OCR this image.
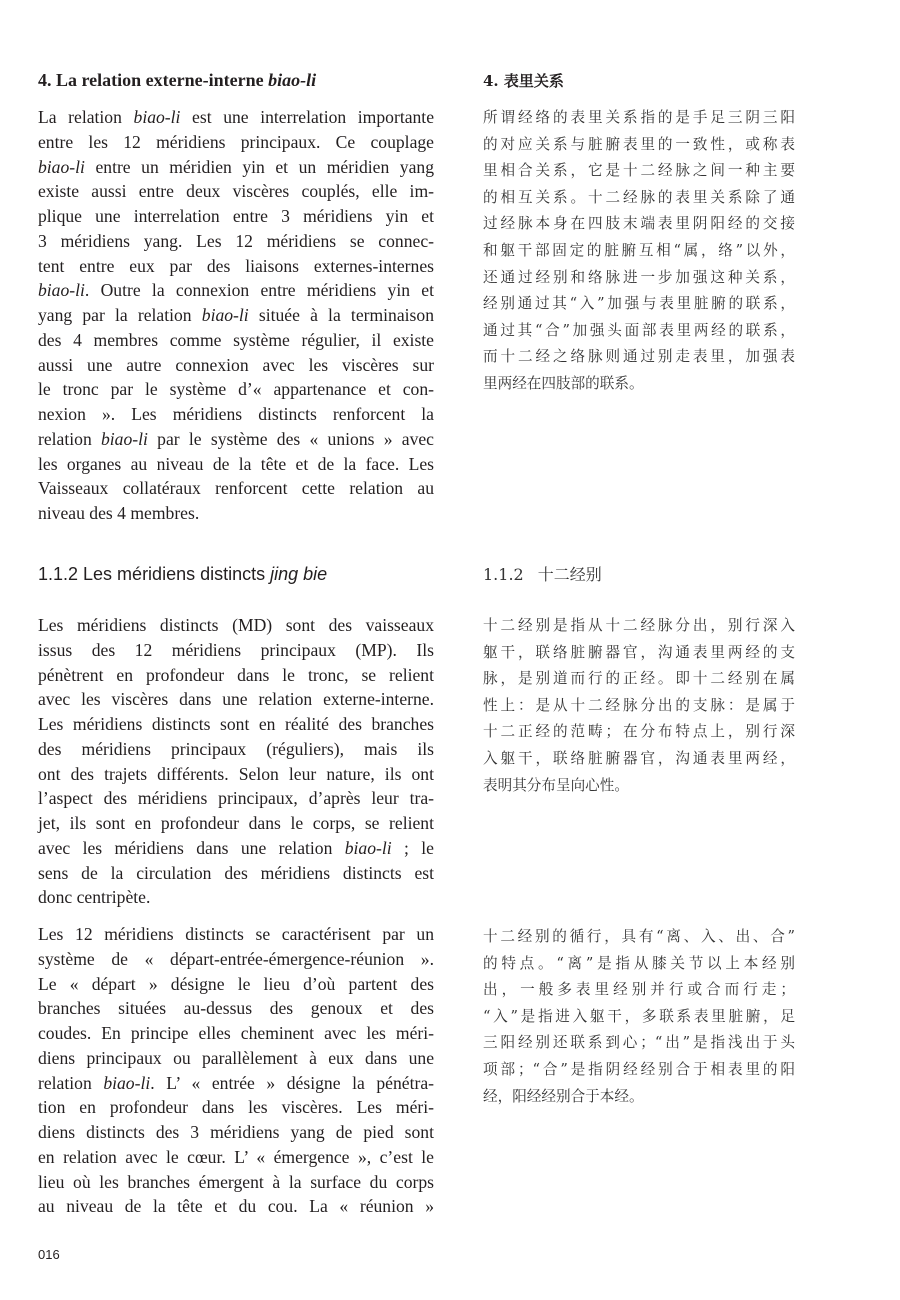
4. La relation externe-interne biao-li	4. 表里关系
La relation biao-li est une interrelation importante
entre les 12 méridiens principaux. Ce couplage
biao-li entre un méridien yin et un méridien yang
existe aussi entre deux viscères couplés, elle im-
plique une interrelation entre 3 méridiens yin et
3 méridiens yang. Les 12 méridiens se connec-
tent entre eux par des liaisons externes-internes
biao-li. Outre la connexion entre méridiens yin et
yang par la relation biao-li située à la terminaison
des 4 membres comme système régulier, il existe
aussi une autre connexion avec les viscères sur
le tronc par le système d’« appartenance et con-
nexion ». Les méridiens distincts renforcent la
relation biao-li par le système des « unions » avec
les organes au niveau de la tête et de la face. Les
Vaisseaux collatéraux renforcent cette relation au
niveau des 4 membres.
1.1.2 Les méridiens distincts jing bie	1.1.2 十二经别
Les méridiens distincts (MD) sont des vaisseaux
issus des 12 méridiens principaux (MP). Ils
pénètrent en profondeur dans le tronc, se relient
avec les viscères dans une relation externe-interne.
Les méridiens distincts sont en réalité des branches
des méridiens principaux (réguliers), mais ils
ont des trajets différents. Selon leur nature, ils ont
l’aspect des méridiens principaux, d’après leur tra-
jet, ils sont en profondeur dans le corps, se relient
avec les méridiens dans une relation biao-li ; le
sens de la circulation des méridiens distincts est
donc centripète.
Les 12 méridiens distincts se caractérisent par un
système de « départ-entrée-émergence-réunion ».
Le « départ » désigne le lieu d’où partent des
branches situées au-dessus des genoux et des
coudes. En principe elles cheminent avec les méri-
diens principaux ou parallèlement à eux dans une
relation biao-li. L’ « entrée » désigne la pénétra-
tion en profondeur dans les viscères. Les méri-
diens distincts des 3 méridiens yang de pied sont
en relation avec le cœur. L’ « émergence », c’est le
lieu où les branches émergent à la surface du corps
au niveau de la tête et du cou. La « réunion »
所谓经络的表里关系指的是手足三阴三阳
的对应关系与脏腑表里的一致性，或称表
里相合关系，它是十二经脉之间一种主要
的相互关系。十二经脉的表里关系除了通
过经脉本身在四肢末端表里阴阳经的交接
和躯干部固定的脏腑互相“属，络”以外，
还通过经别和络脉进一步加强这种关系，
经别通过其“入”加强与表里脏腑的联系，
通过其“合”加强头面部表里两经的联系，
而十二经之络脉则通过别走表里，加强表
里两经在四肢部的联系。
十二经别是指从十二经脉分出，别行深入
躯干，联络脏腑器官，沟通表里两经的支
脉，是别道而行的正经。即十二经别在属
性上：是从十二经脉分出的支脉：是属于
十二正经的范畴；在分布特点上，别行深
入躯干，联络脏腑器官，沟通表里两经，
表明其分布呈向心性。
十二经别的循行，具有“离、入、出、合”
的特点。“离”是指从膝关节以上本经别
出，一般多表里经别并行或合而行走；
“入”是指进入躯干，多联系表里脏腑，足
三阳经别还联系到心；“出”是指浅出于头
项部；“合”是指阴经经别合于相表里的阳
经，阳经经别合于本经。
016
